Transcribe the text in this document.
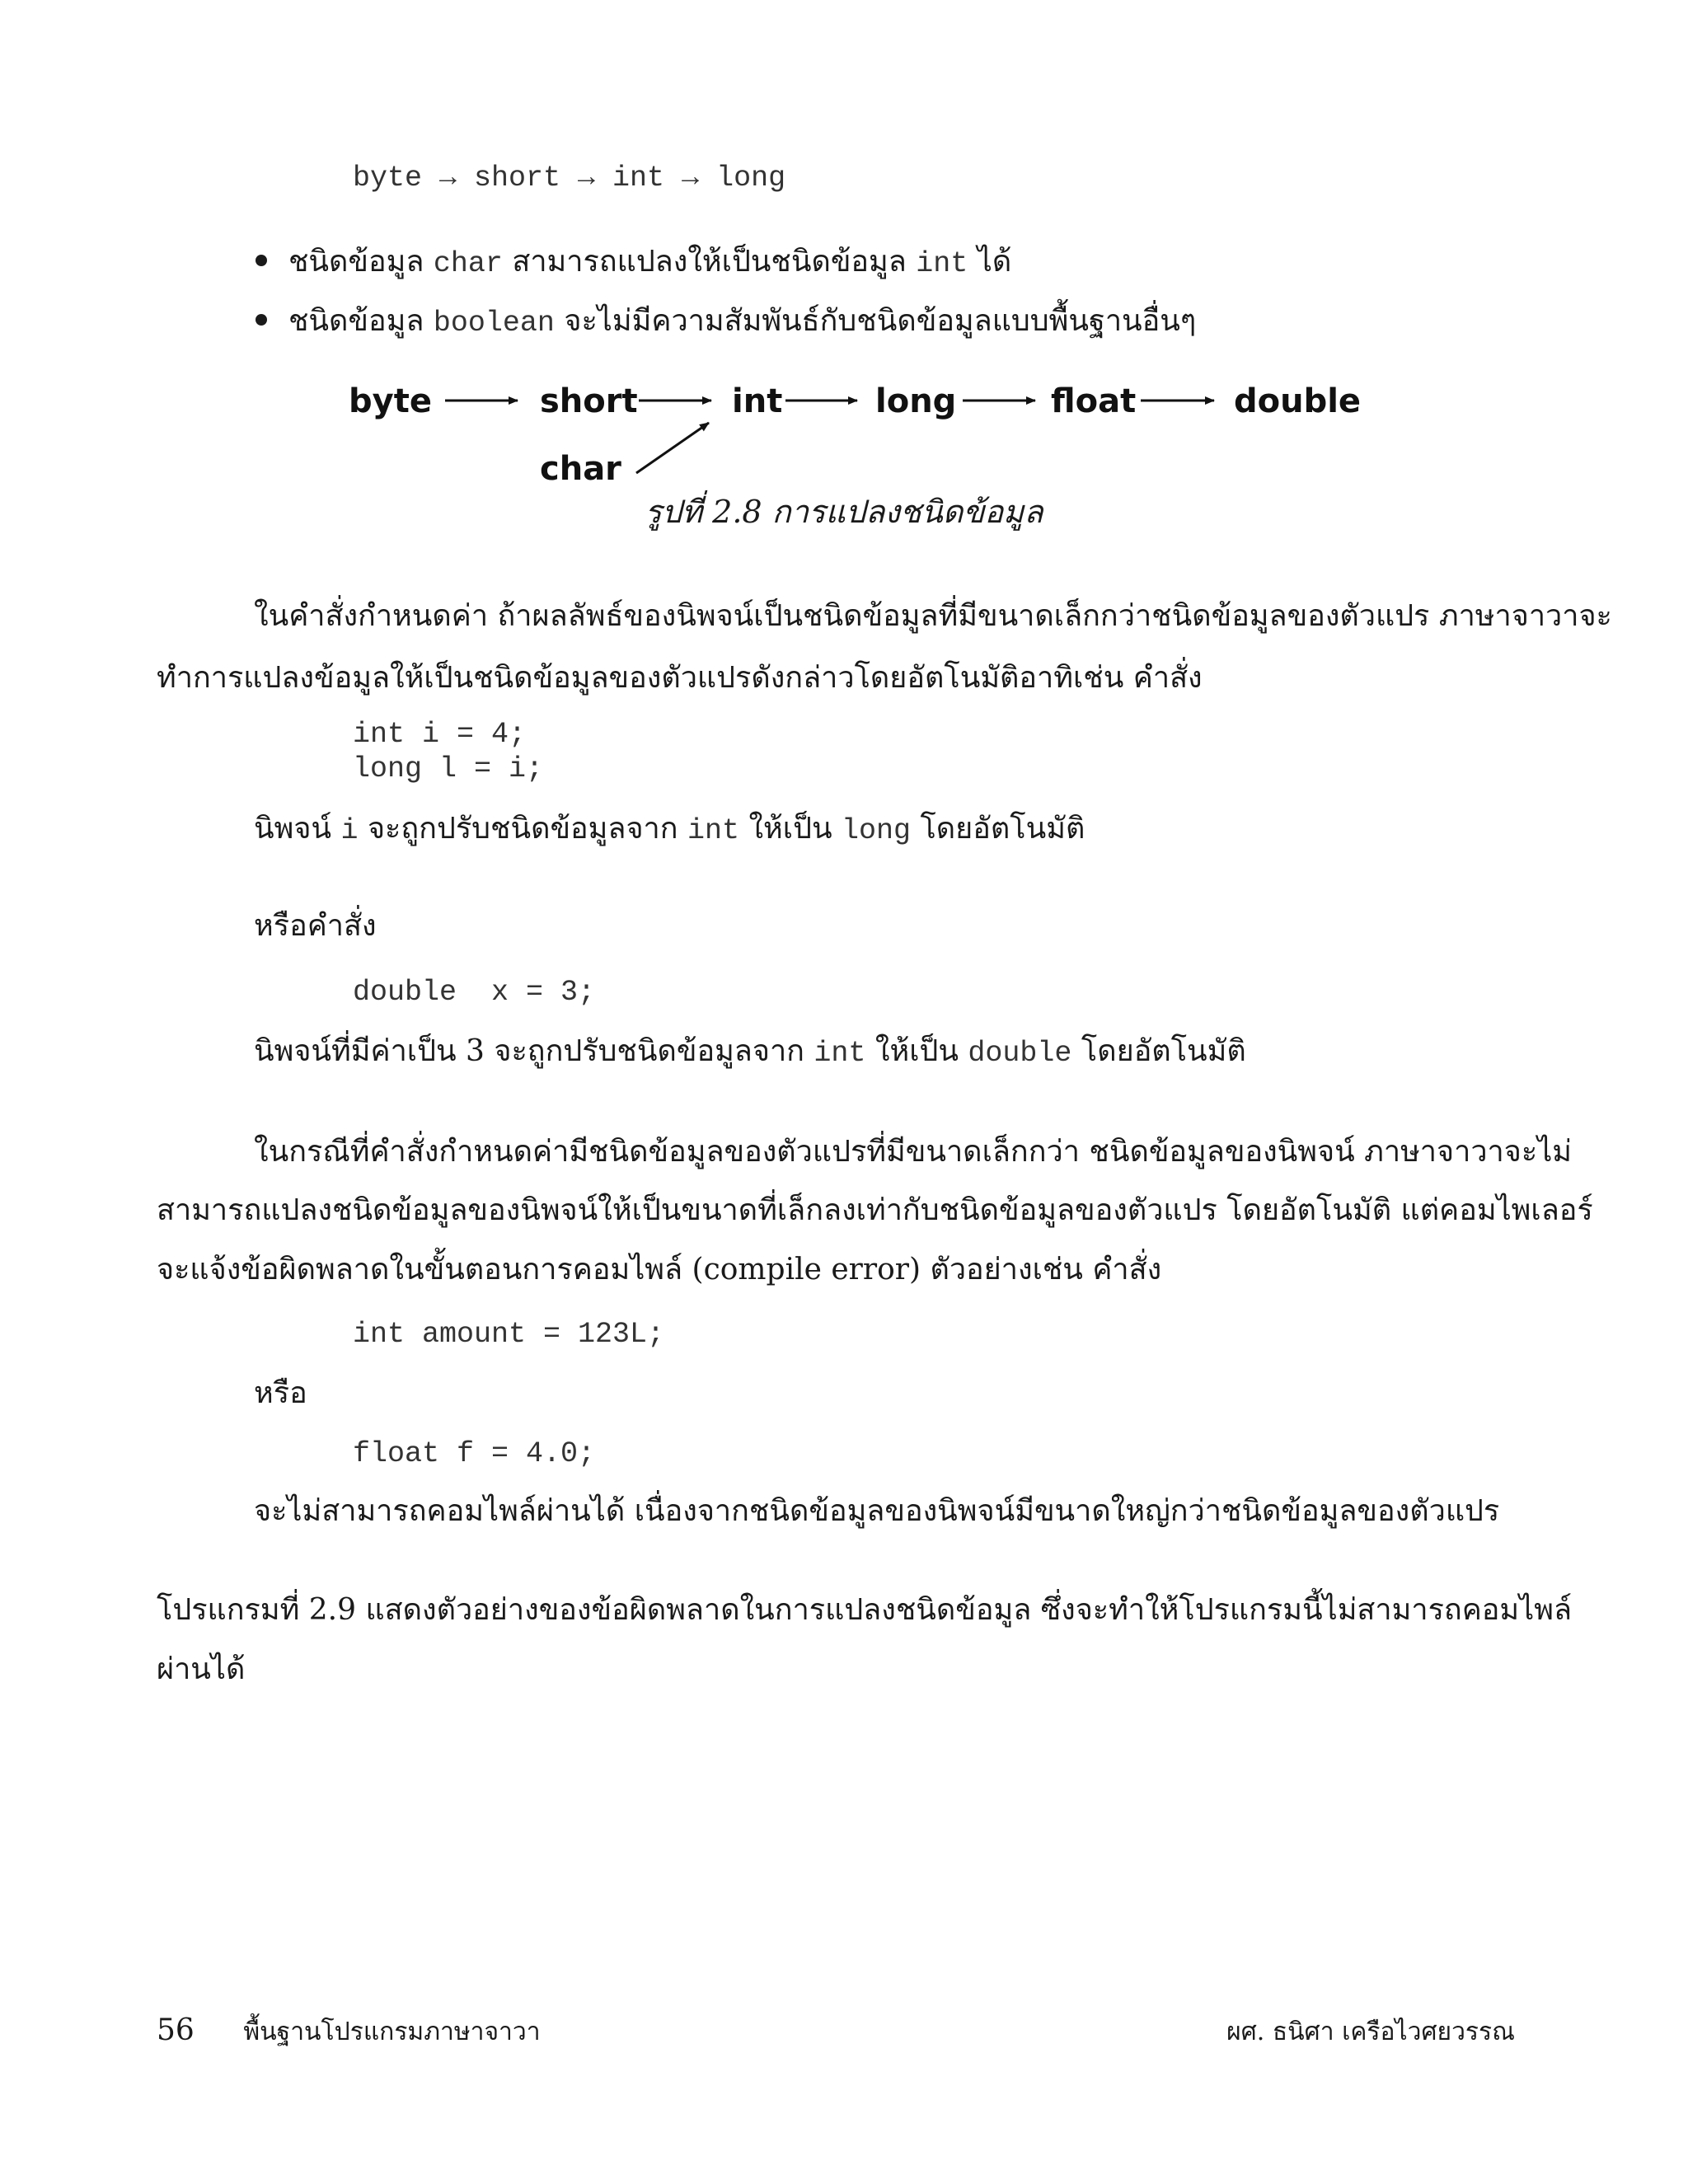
byte → short → int → long
ชนิดข้อมูล char สามารถแปลงให้เป็นชนิดข้อมูล int ได้
ชนิดข้อมูล boolean จะไม่มีความสัมพันธ์กับชนิดข้อมูลแบบพื้นฐานอื่นๆ
byte	short	int	long	float	double
char
รูปที่ 2.8 การแปลงชนิดข้อมูล
ในคำสั่งกำหนดค่า ถ้าผลลัพธ์ของนิพจน์เป็นชนิดข้อมูลที่มีขนาดเล็กกว่าชนิดข้อมูลของตัวแปร ภาษาจาวาจะ
ทำการแปลงข้อมูลให้เป็นชนิดข้อมูลของตัวแปรดังกล่าวโดยอัตโนมัติอาทิเช่น คำสั่ง
int i = 4;
long l = i;
นิพจน์ i จะถูกปรับชนิดข้อมูลจาก int ให้เป็น long โดยอัตโนมัติ
หรือคำสั่ง
double  x = 3;
นิพจน์ที่มีค่าเป็น 3 จะถูกปรับชนิดข้อมูลจาก int ให้เป็น double โดยอัตโนมัติ
ในกรณีที่คำสั่งกำหนดค่ามีชนิดข้อมูลของตัวแปรที่มีขนาดเล็กกว่า ชนิดข้อมูลของนิพจน์ ภาษาจาวาจะไม่
สามารถแปลงชนิดข้อมูลของนิพจน์ให้เป็นขนาดที่เล็กลงเท่ากับชนิดข้อมูลของตัวแปร โดยอัตโนมัติ แต่คอมไพเลอร์
จะแจ้งข้อผิดพลาดในขั้นตอนการคอมไพล์ (compile error) ตัวอย่างเช่น คำสั่ง
int amount = 123L;
หรือ
float f = 4.0;
จะไม่สามารถคอมไพล์ผ่านได้ เนื่องจากชนิดข้อมูลของนิพจน์มีขนาดใหญ่กว่าชนิดข้อมูลของตัวแปร
โปรแกรมที่ 2.9 แสดงตัวอย่างของข้อผิดพลาดในการแปลงชนิดข้อมูล ซึ่งจะทำให้โปรแกรมนี้ไม่สามารถคอมไพล์
ผ่านได้
56 พื้นฐานโปรแกรมภาษาจาวา	ผศ. ธนิศา เครือไวศยวรรณ
